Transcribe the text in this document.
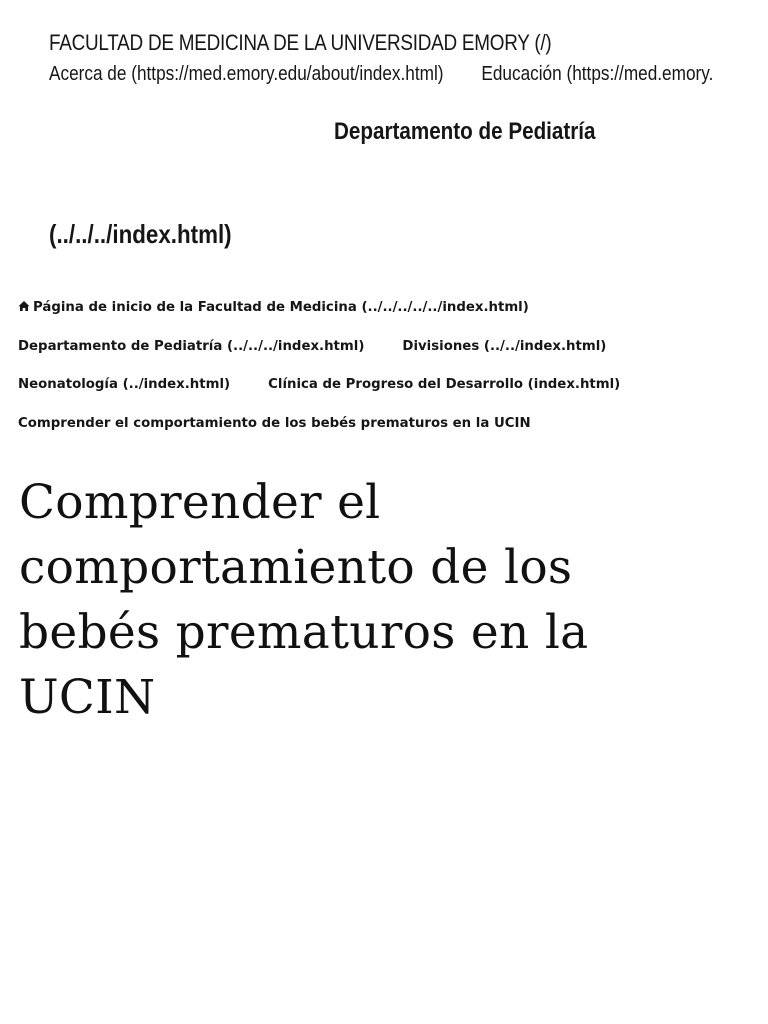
FACULTAD DE MEDICINA DE LA UNIVERSIDAD EMORY (/)
Acerca de (https://med.emory.edu/about/index.html) Educación (https://med.emory.
Departamento de Pediatría
(../../../index.html)
Página de inicio de la Facultad de Medicina (../../../../../index.html)
Departamento de Pediatría (../../../index.html)	Divisiones (../../index.html)
Neonatología (../index.html)	Clínica de Progreso del Desarrollo (index.html)
Comprender el comportamiento de los bebés prematuros en la UCIN
Comprender el comportamiento de los bebés prematuros en la UCIN
